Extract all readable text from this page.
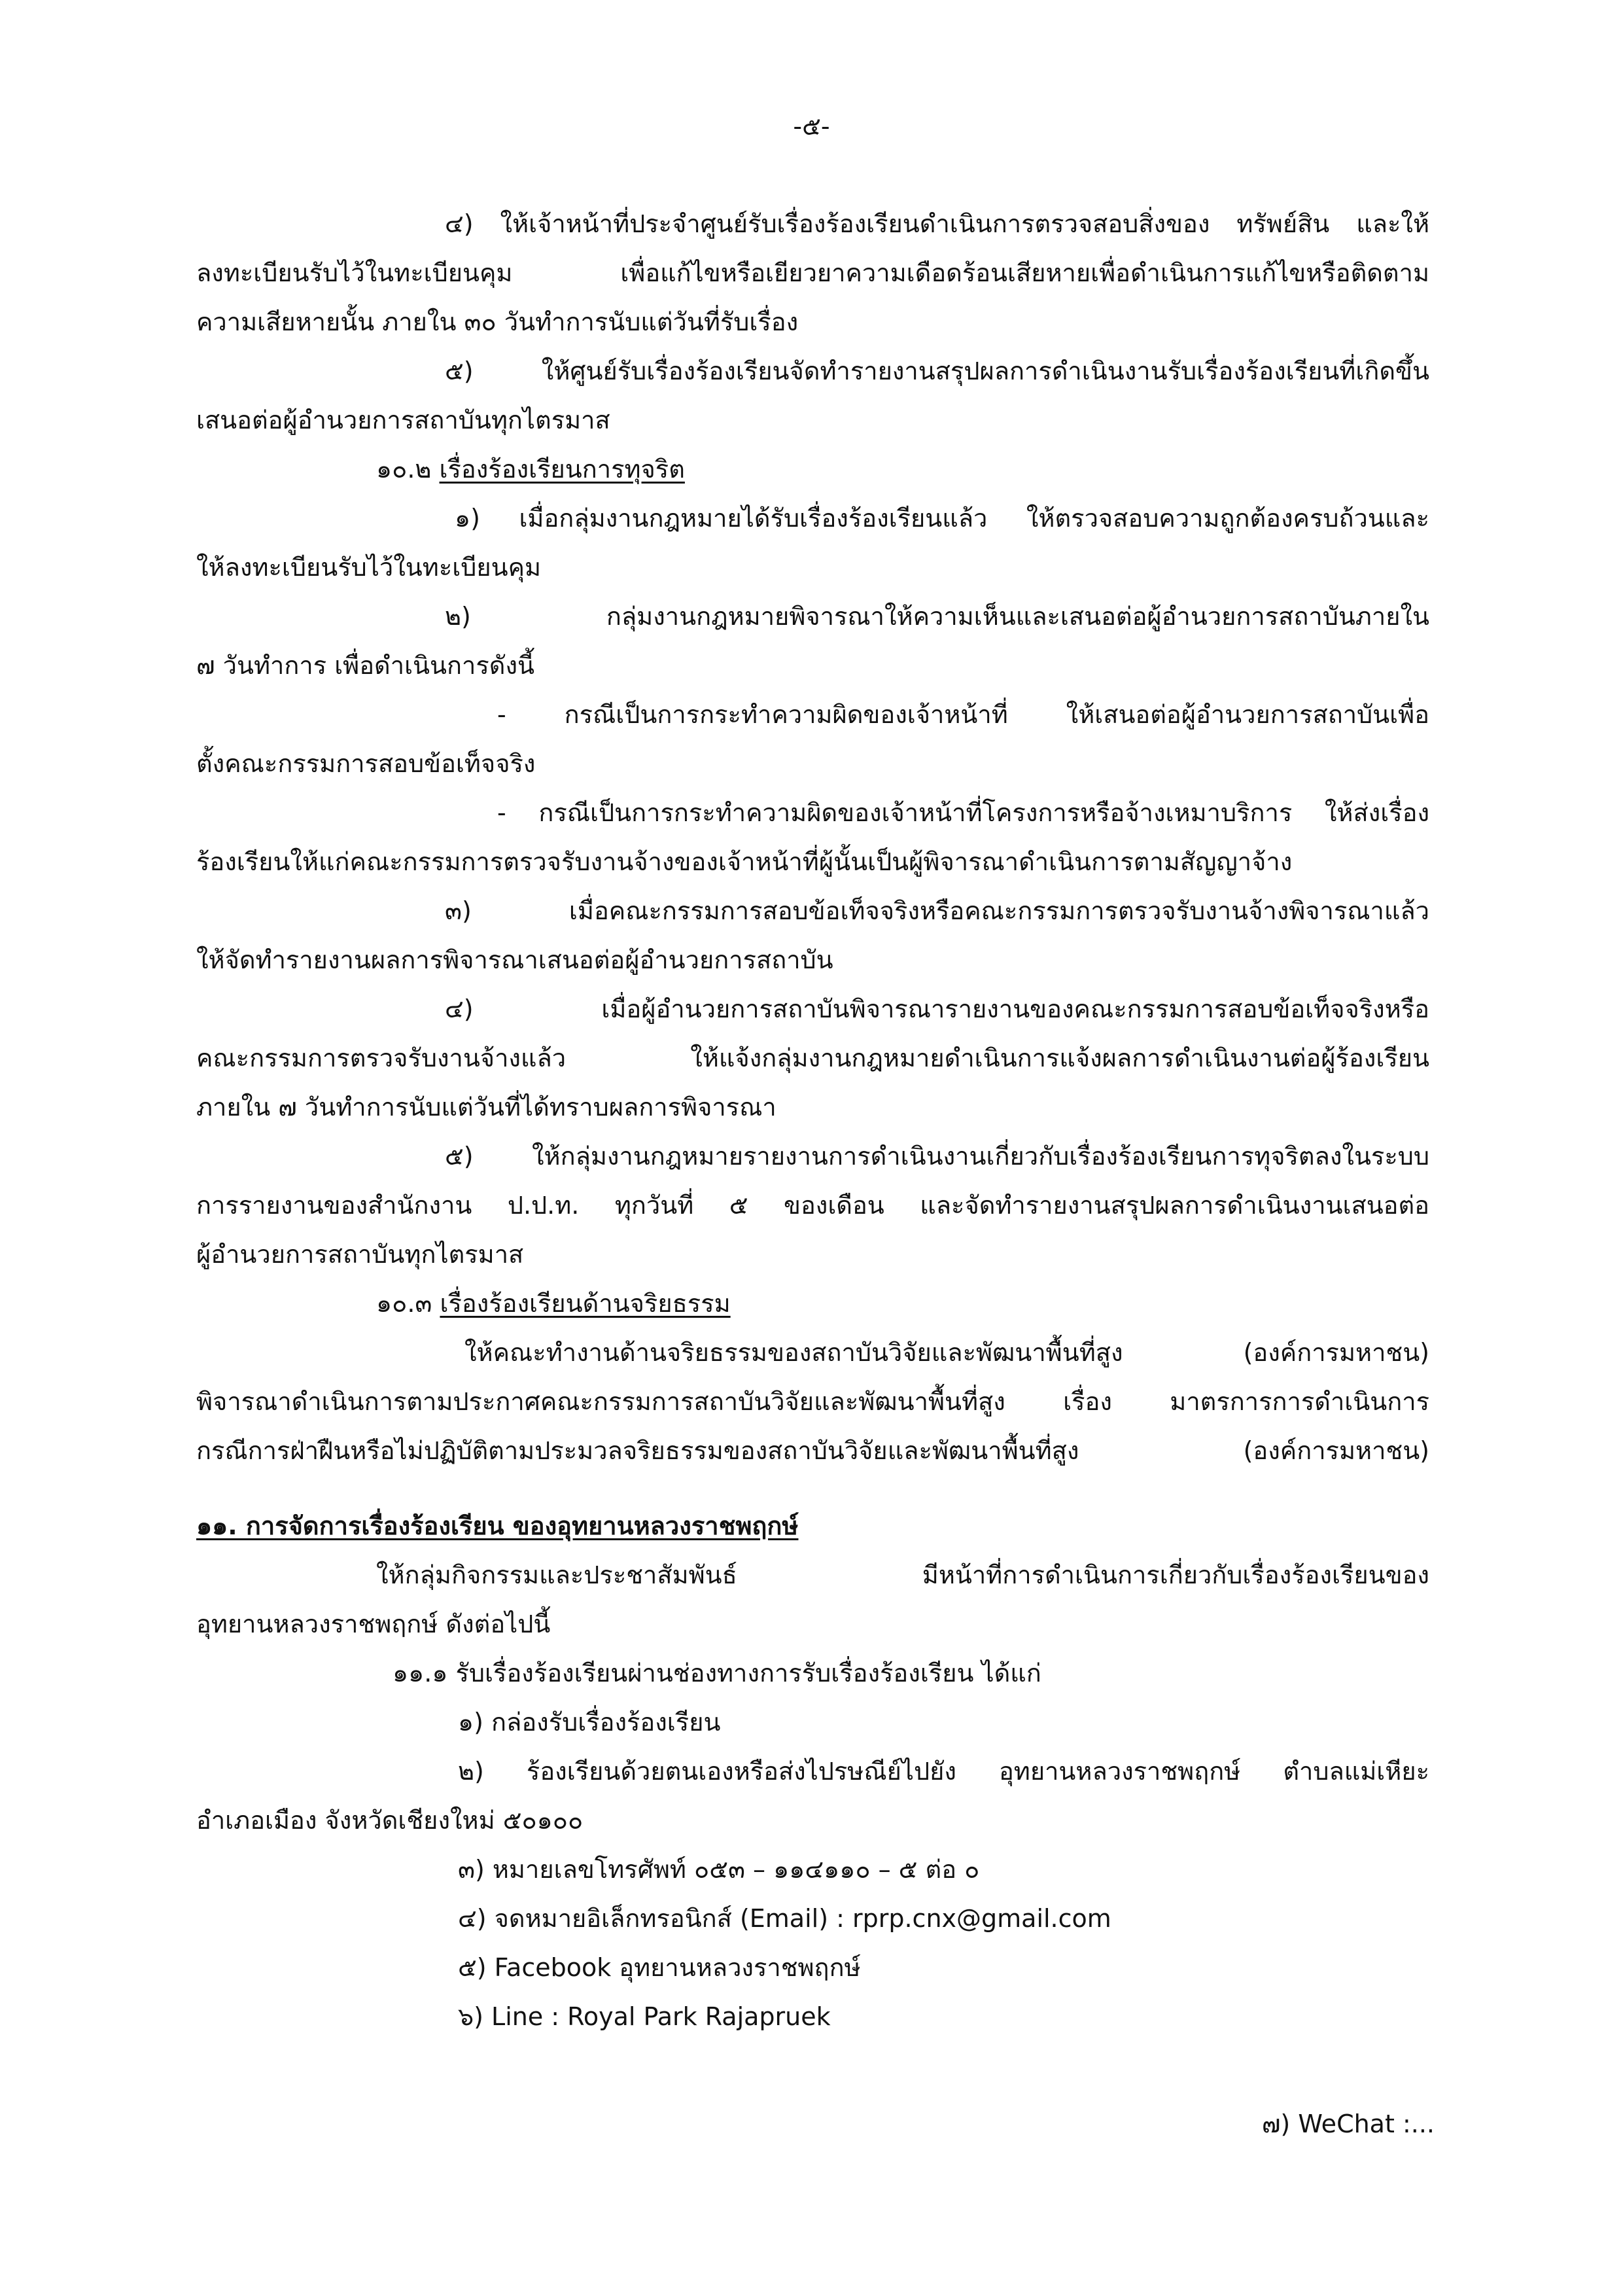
-๕-
๔) ให้เจ้าหน้าที่ประจำศูนย์รับเรื่องร้องเรียนดำเนินการตรวจสอบสิ่งของ ทรัพย์สิน และให้
ลงทะเบียนรับไว้ในทะเบียนคุม เพื่อแก้ไขหรือเยียวยาความเดือดร้อนเสียหายเพื่อดำเนินการแก้ไขหรือติดตาม
ความเสียหายนั้น ภายใน ๓๐ วันทำการนับแต่วันที่รับเรื่อง
๕) ให้ศูนย์รับเรื่องร้องเรียนจัดทำรายงานสรุปผลการดำเนินงานรับเรื่องร้องเรียนที่เกิดขึ้น
เสนอต่อผู้อำนวยการสถาบันทุกไตรมาส
๑๐.๒ เรื่องร้องเรียนการทุจริต
๑) เมื่อกลุ่มงานกฎหมายได้รับเรื่องร้องเรียนแล้ว ให้ตรวจสอบความถูกต้องครบถ้วนและ
ให้ลงทะเบียนรับไว้ในทะเบียนคุม
๒) กลุ่มงานกฎหมายพิจารณาให้ความเห็นและเสนอต่อผู้อำนวยการสถาบันภายใน
๗ วันทำการ เพื่อดำเนินการดังนี้
- กรณีเป็นการกระทำความผิดของเจ้าหน้าที่ ให้เสนอต่อผู้อำนวยการสถาบันเพื่อ
ตั้งคณะกรรมการสอบข้อเท็จจริง
- กรณีเป็นการกระทำความผิดของเจ้าหน้าที่โครงการหรือจ้างเหมาบริการ ให้ส่งเรื่อง
ร้องเรียนให้แก่คณะกรรมการตรวจรับงานจ้างของเจ้าหน้าที่ผู้นั้นเป็นผู้พิจารณาดำเนินการตามสัญญาจ้าง
๓) เมื่อคณะกรรมการสอบข้อเท็จจริงหรือคณะกรรมการตรวจรับงานจ้างพิจารณาแล้ว
ให้จัดทำรายงานผลการพิจารณาเสนอต่อผู้อำนวยการสถาบัน
๔) เมื่อผู้อำนวยการสถาบันพิจารณารายงานของคณะกรรมการสอบข้อเท็จจริงหรือ
คณะกรรมการตรวจรับงานจ้างแล้ว ให้แจ้งกลุ่มงานกฎหมายดำเนินการแจ้งผลการดำเนินงานต่อผู้ร้องเรียน
ภายใน ๗ วันทำการนับแต่วันที่ได้ทราบผลการพิจารณา
๕) ให้กลุ่มงานกฎหมายรายงานการดำเนินงานเกี่ยวกับเรื่องร้องเรียนการทุจริตลงในระบบ
การรายงานของสำนักงาน ป.ป.ท. ทุกวันที่ ๕ ของเดือน และจัดทำรายงานสรุปผลการดำเนินงานเสนอต่อ
ผู้อำนวยการสถาบันทุกไตรมาส
๑๐.๓ เรื่องร้องเรียนด้านจริยธรรม
ให้คณะทำงานด้านจริยธรรมของสถาบันวิจัยและพัฒนาพื้นที่สูง (องค์การมหาชน)
พิจารณาดำเนินการตามประกาศคณะกรรมการสถาบันวิจัยและพัฒนาพื้นที่สูง เรื่อง มาตรการการดำเนินการ
กรณีการฝ่าฝืนหรือไม่ปฏิบัติตามประมวลจริยธรรมของสถาบันวิจัยและพัฒนาพื้นที่สูง (องค์การมหาชน)
๑๑. การจัดการเรื่องร้องเรียน ของอุทยานหลวงราชพฤกษ์
ให้กลุ่มกิจกรรมและประชาสัมพันธ์ มีหน้าที่การดำเนินการเกี่ยวกับเรื่องร้องเรียนของ
อุทยานหลวงราชพฤกษ์ ดังต่อไปนี้
๑๑.๑ รับเรื่องร้องเรียนผ่านช่องทางการรับเรื่องร้องเรียน ได้แก่
๑) กล่องรับเรื่องร้องเรียน
๒) ร้องเรียนด้วยตนเองหรือส่งไปรษณีย์ไปยัง อุทยานหลวงราชพฤกษ์ ตำบลแม่เหียะ
อำเภอเมือง จังหวัดเชียงใหม่ ๕๐๑๐๐
๓) หมายเลขโทรศัพท์ ๐๕๓ – ๑๑๔๑๑๐ – ๕ ต่อ ๐
๔) จดหมายอิเล็กทรอนิกส์ (Email) : rprp.cnx@gmail.com
๕) Facebook อุทยานหลวงราชพฤกษ์
๖) Line : Royal Park Rajapruek
๗) WeChat :...
